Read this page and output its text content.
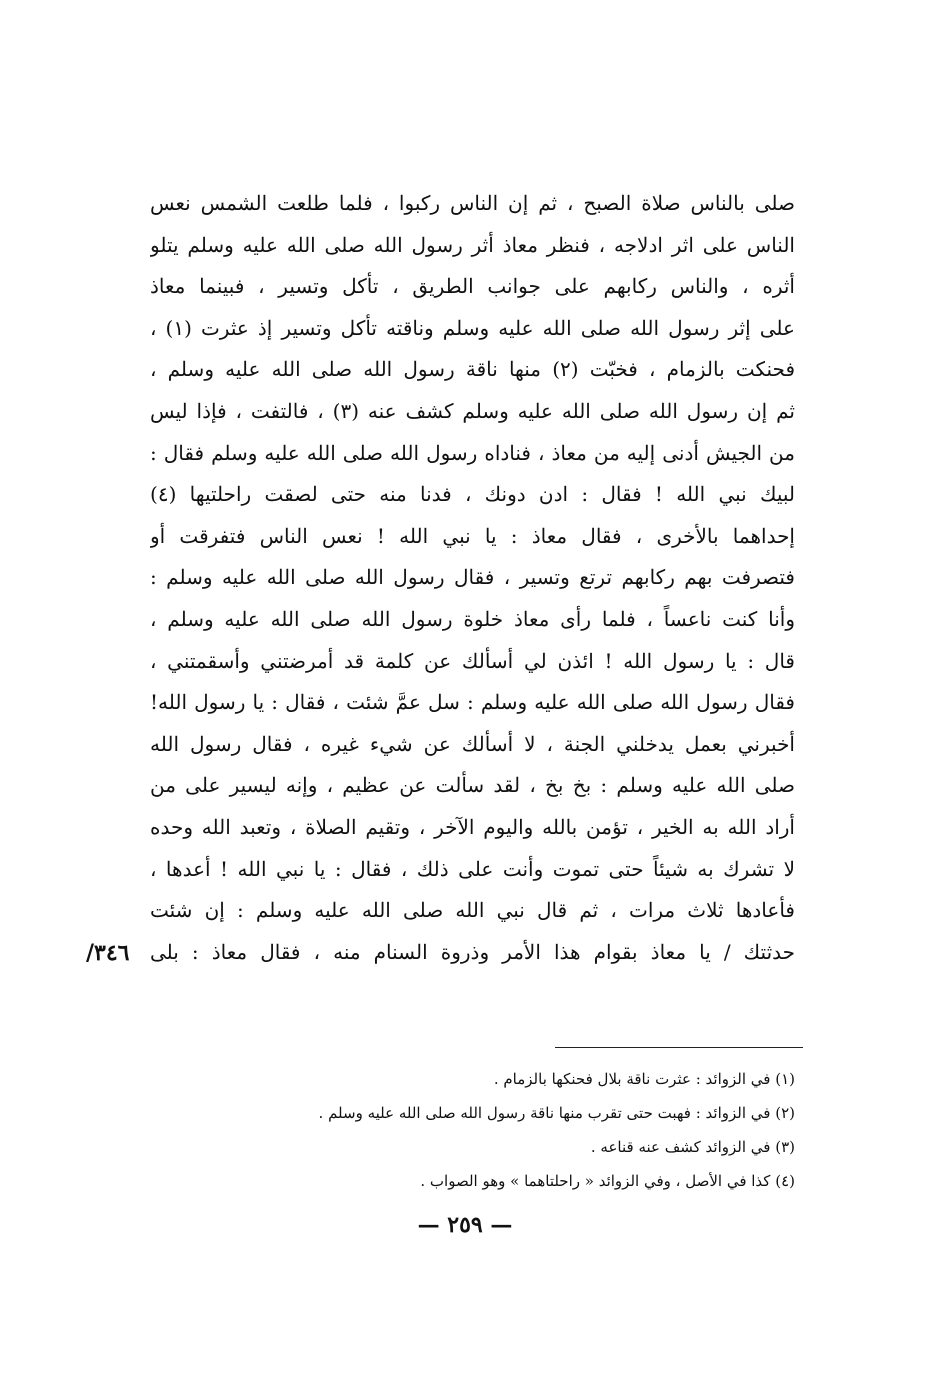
صلى بالناس صلاة الصبح ، ثم إن الناس ركبوا ، فلما طلعت الشمس نعس
الناس على اثر ادلاجه ، فنظر معاذ أثر رسول الله صلى الله عليه وسلم يتلو
أثره ، والناس ركابهم على جوانب الطريق ، تأكل وتسير ، فبينما معاذ
على إثر رسول الله صلى الله عليه وسلم وناقته تأكل وتسير إذ عثرت (١) ،
فحنكت بالزمام ، فخبّت (٢) منها ناقة رسول الله صلى الله عليه وسلم ،
ثم إن رسول الله صلى الله عليه وسلم كشف عنه (٣) ، فالتفت ، فإذا ليس
من الجيش أدنى إليه من معاذ ، فناداه رسول الله صلى الله عليه وسلم فقال :
لبيك نبي الله ! فقال : ادن دونك ، فدنا منه حتى لصقت راحلتيها (٤)
إحداهما بالأخرى ، فقال معاذ : يا نبي الله ! نعس الناس فتفرقت أو
فتصرفت بهم ركابهم ترتع وتسير ، فقال رسول الله صلى الله عليه وسلم :
وأنا كنت ناعساً ، فلما رأى معاذ خلوة رسول الله صلى الله عليه وسلم ،
قال : يا رسول الله ! ائذن لي أسألك عن كلمة قد أمرضتني وأسقمتني ،
فقال رسول الله صلى الله عليه وسلم : سل عمَّ شئت ، فقال : يا رسول الله!
أخبرني بعمل يدخلني الجنة ، لا أسألك عن شيء غيره ، فقال رسول الله
صلى الله عليه وسلم : بخ بخ ، لقد سألت عن عظيم ، وإنه ليسير على من
أراد الله به الخير ، تؤمن بالله واليوم الآخر ، وتقيم الصلاة ، وتعبد الله وحده
لا تشرك به شيئاً حتى تموت وأنت على ذلك ، فقال : يا نبي الله ! أعدها ،
فأعادها ثلاث مرات ، ثم قال نبي الله صلى الله عليه وسلم : إن شئت
حدثتك / يا معاذ بقوام هذا الأمر وذروة السنام منه ، فقال معاذ : بلى
٣٤٦/
(١) في الزوائد : عثرت ناقة بلال فحنكها بالزمام .
(٢) في الزوائد : فهبت حتى تقرب منها ناقة رسول الله صلى الله عليه وسلم .
(٣) في الزوائد كشف عنه قناعه .
(٤) كذا في الأصل ، وفي الزوائد « راحلتاهما » وهو الصواب .
— ٢٥٩ —
